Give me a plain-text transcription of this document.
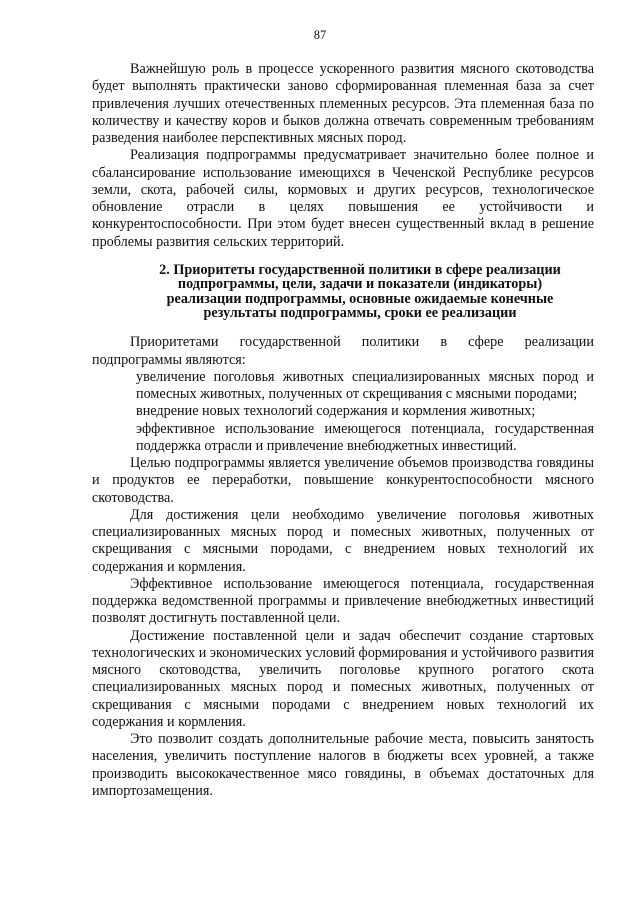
87

Важнейшую роль в процессе ускоренного развития мясного скотоводства будет выполнять практически заново сформированная племенная база за счет привлечения лучших отечественных племенных ресурсов. Эта племенная база по количеству и качеству коров и быков должна отвечать современным требованиям разведения наиболее перспективных мясных пород.

Реализация подпрограммы предусматривает значительно более полное и сбалансирование использование имеющихся в Чеченской Республике ресурсов земли, скота, рабочей силы, кормовых и других ресурсов, технологическое обновление отрасли в целях повышения ее устойчивости и конкурентоспособности. При этом будет внесен существенный вклад в решение проблемы развития сельских территорий.

2. Приоритеты государственной политики в сфере реализации подпрограммы, цели, задачи и показатели (индикаторы) реализации подпрограммы, основные ожидаемые конечные результаты подпрограммы, сроки ее реализации

Приоритетами государственной политики в сфере реализации подпрограммы являются:

увеличение поголовья животных специализированных мясных пород и помесных животных, полученных от скрещивания с мясными породами;

внедрение новых технологий содержания и кормления животных;

эффективное использование имеющегося потенциала, государственная поддержка отрасли и привлечение внебюджетных инвестиций.

Целью подпрограммы является увеличение объемов производства говядины и продуктов ее переработки, повышение конкурентоспособности мясного скотоводства.

Для достижения цели необходимо увеличение поголовья животных специализированных мясных пород и помесных животных, полученных от скрещивания с мясными породами, с внедрением новых технологий их содержания и кормления.

Эффективное использование имеющегося потенциала, государственная поддержка ведомственной программы и привлечение внебюджетных инвестиций позволят достигнуть поставленной цели.

Достижение поставленной цели и задач обеспечит создание стартовых технологических и экономических условий формирования и устойчивого развития мясного скотоводства, увеличить поголовье крупного рогатого скота специализированных мясных пород и помесных животных, полученных от скрещивания с мясными породами с внедрением новых технологий их содержания и кормления.

Это позволит создать дополнительные рабочие места, повысить занятость населения, увеличить поступление налогов в бюджеты всех уровней, а также производить высококачественное мясо говядины, в объемах достаточных для импортозамещения.
